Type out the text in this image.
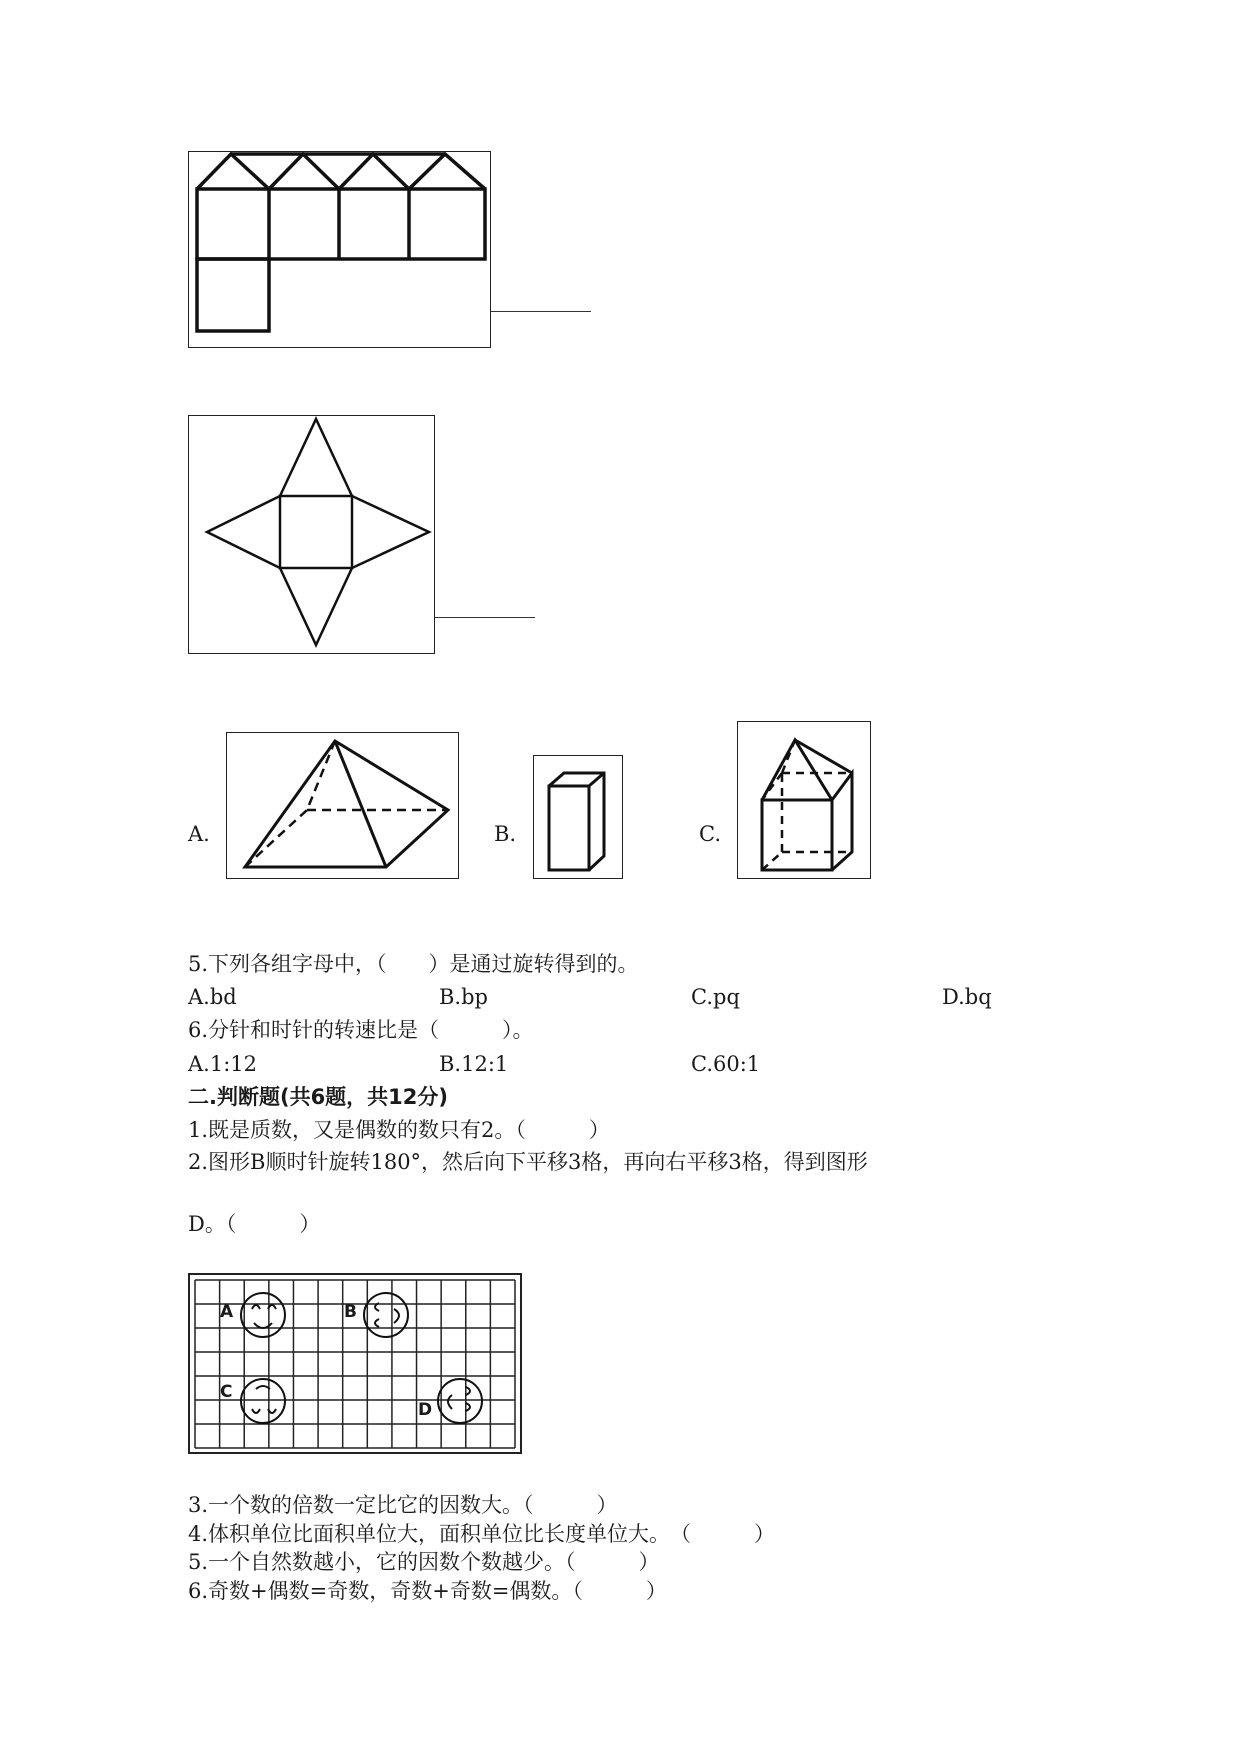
A.	B.	C.
5.下列各组字母中，（　　）是通过旋转得到的。
A.bd	B.bp	C.pq	D.bq
6.分针和时针的转速比是（　　　）。
A.1:12	B.12:1	C.60:1
二.判断题(共6题，共12分)
1.既是质数，又是偶数的数只有2。（　　　）
2.图形B顺时针旋转180°，然后向下平移3格，再向右平移3格，得到图形
D。（　　　）
A	B
C
D
3.一个数的倍数一定比它的因数大。（　　　）
4.体积单位比面积单位大，面积单位比长度单位大。　（　　　）
5.一个自然数越小，它的因数个数越少。（　　　）
6.奇数+偶数=奇数，奇数+奇数=偶数。（　　　）
